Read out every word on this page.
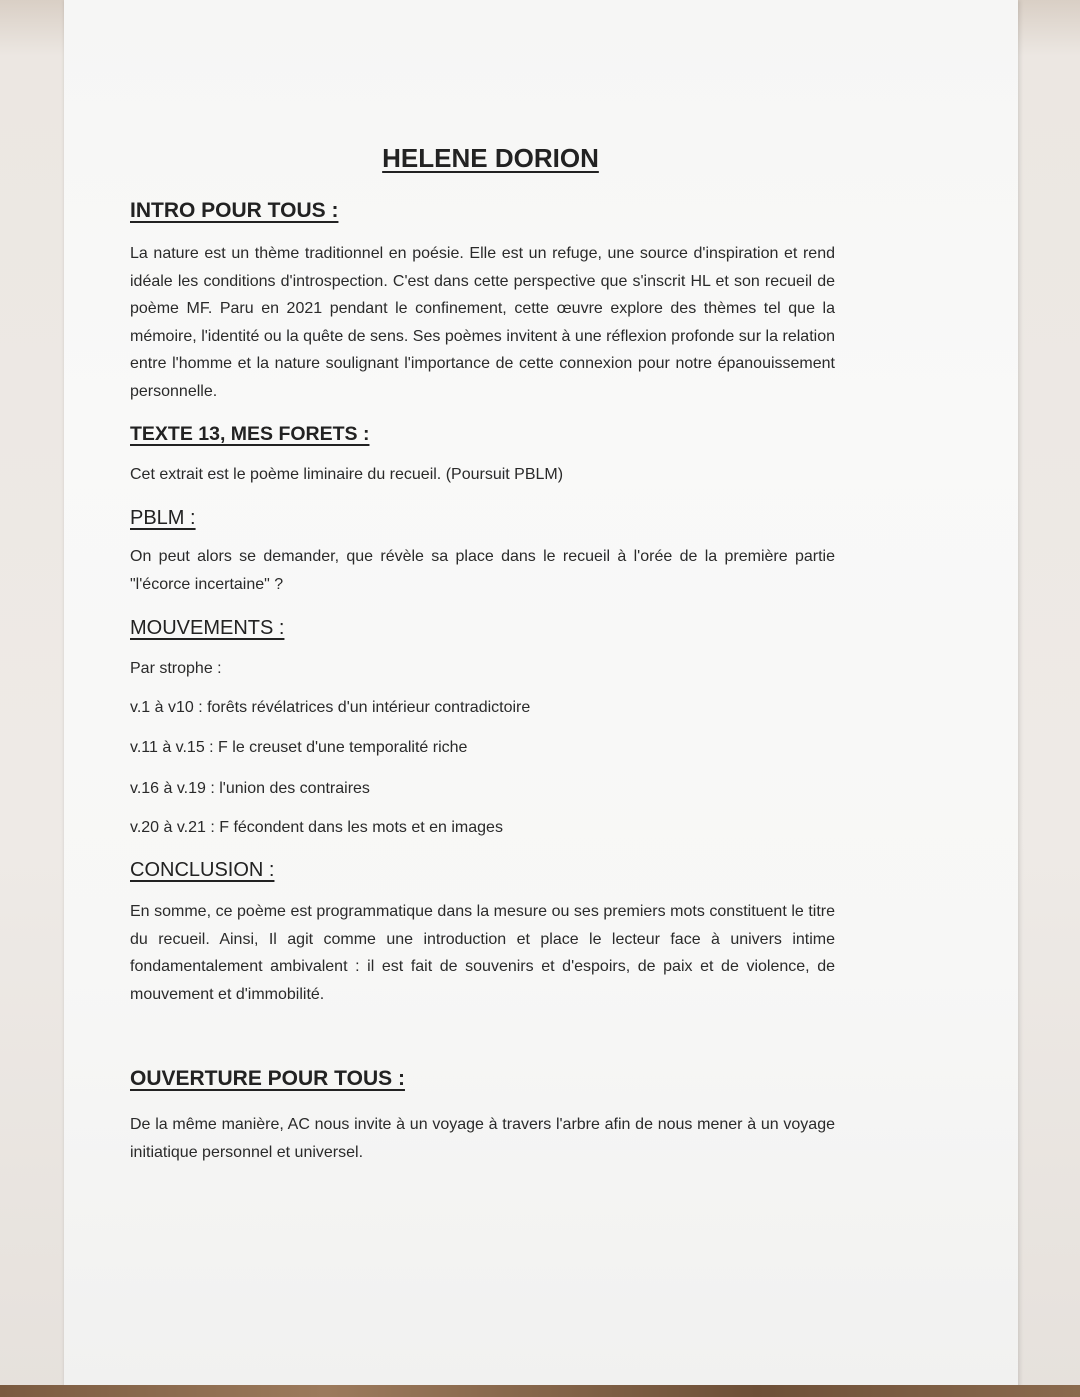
HELENE DORION
INTRO POUR TOUS :
La nature est un thème traditionnel en poésie. Elle est un refuge, une source d'inspiration et rend idéale les conditions d'introspection. C'est dans cette perspective que s'inscrit HL et son recueil de poème MF. Paru en 2021 pendant le confinement, cette œuvre explore des thèmes tel que la mémoire, l'identité ou la quête de sens. Ses poèmes invitent à une réflexion profonde sur la relation entre l'homme et la nature soulignant l'importance de cette connexion pour notre épanouissement personnelle.
TEXTE 13, MES FORETS :
Cet extrait est le poème liminaire du recueil. (Poursuit PBLM)
PBLM :
On peut alors se demander, que révèle sa place dans le recueil à l'orée de la première partie "l'écorce incertaine" ?
MOUVEMENTS :
Par strophe :
v.1 à v10 : forêts révélatrices d'un intérieur contradictoire
v.11 à v.15 : F le creuset d'une temporalité riche
v.16 à v.19 : l'union des contraires
v.20 à v.21 : F fécondent dans les mots et en images
CONCLUSION :
En somme, ce poème est programmatique dans la mesure ou ses premiers mots constituent le titre du recueil. Ainsi, Il agit comme une introduction et place le lecteur face à univers intime fondamentalement ambivalent : il est fait de souvenirs et d'espoirs, de paix et de violence, de mouvement et d'immobilité.
OUVERTURE POUR TOUS :
De la même manière, AC nous invite à un voyage à travers l'arbre afin de nous mener à un voyage initiatique personnel et universel.
